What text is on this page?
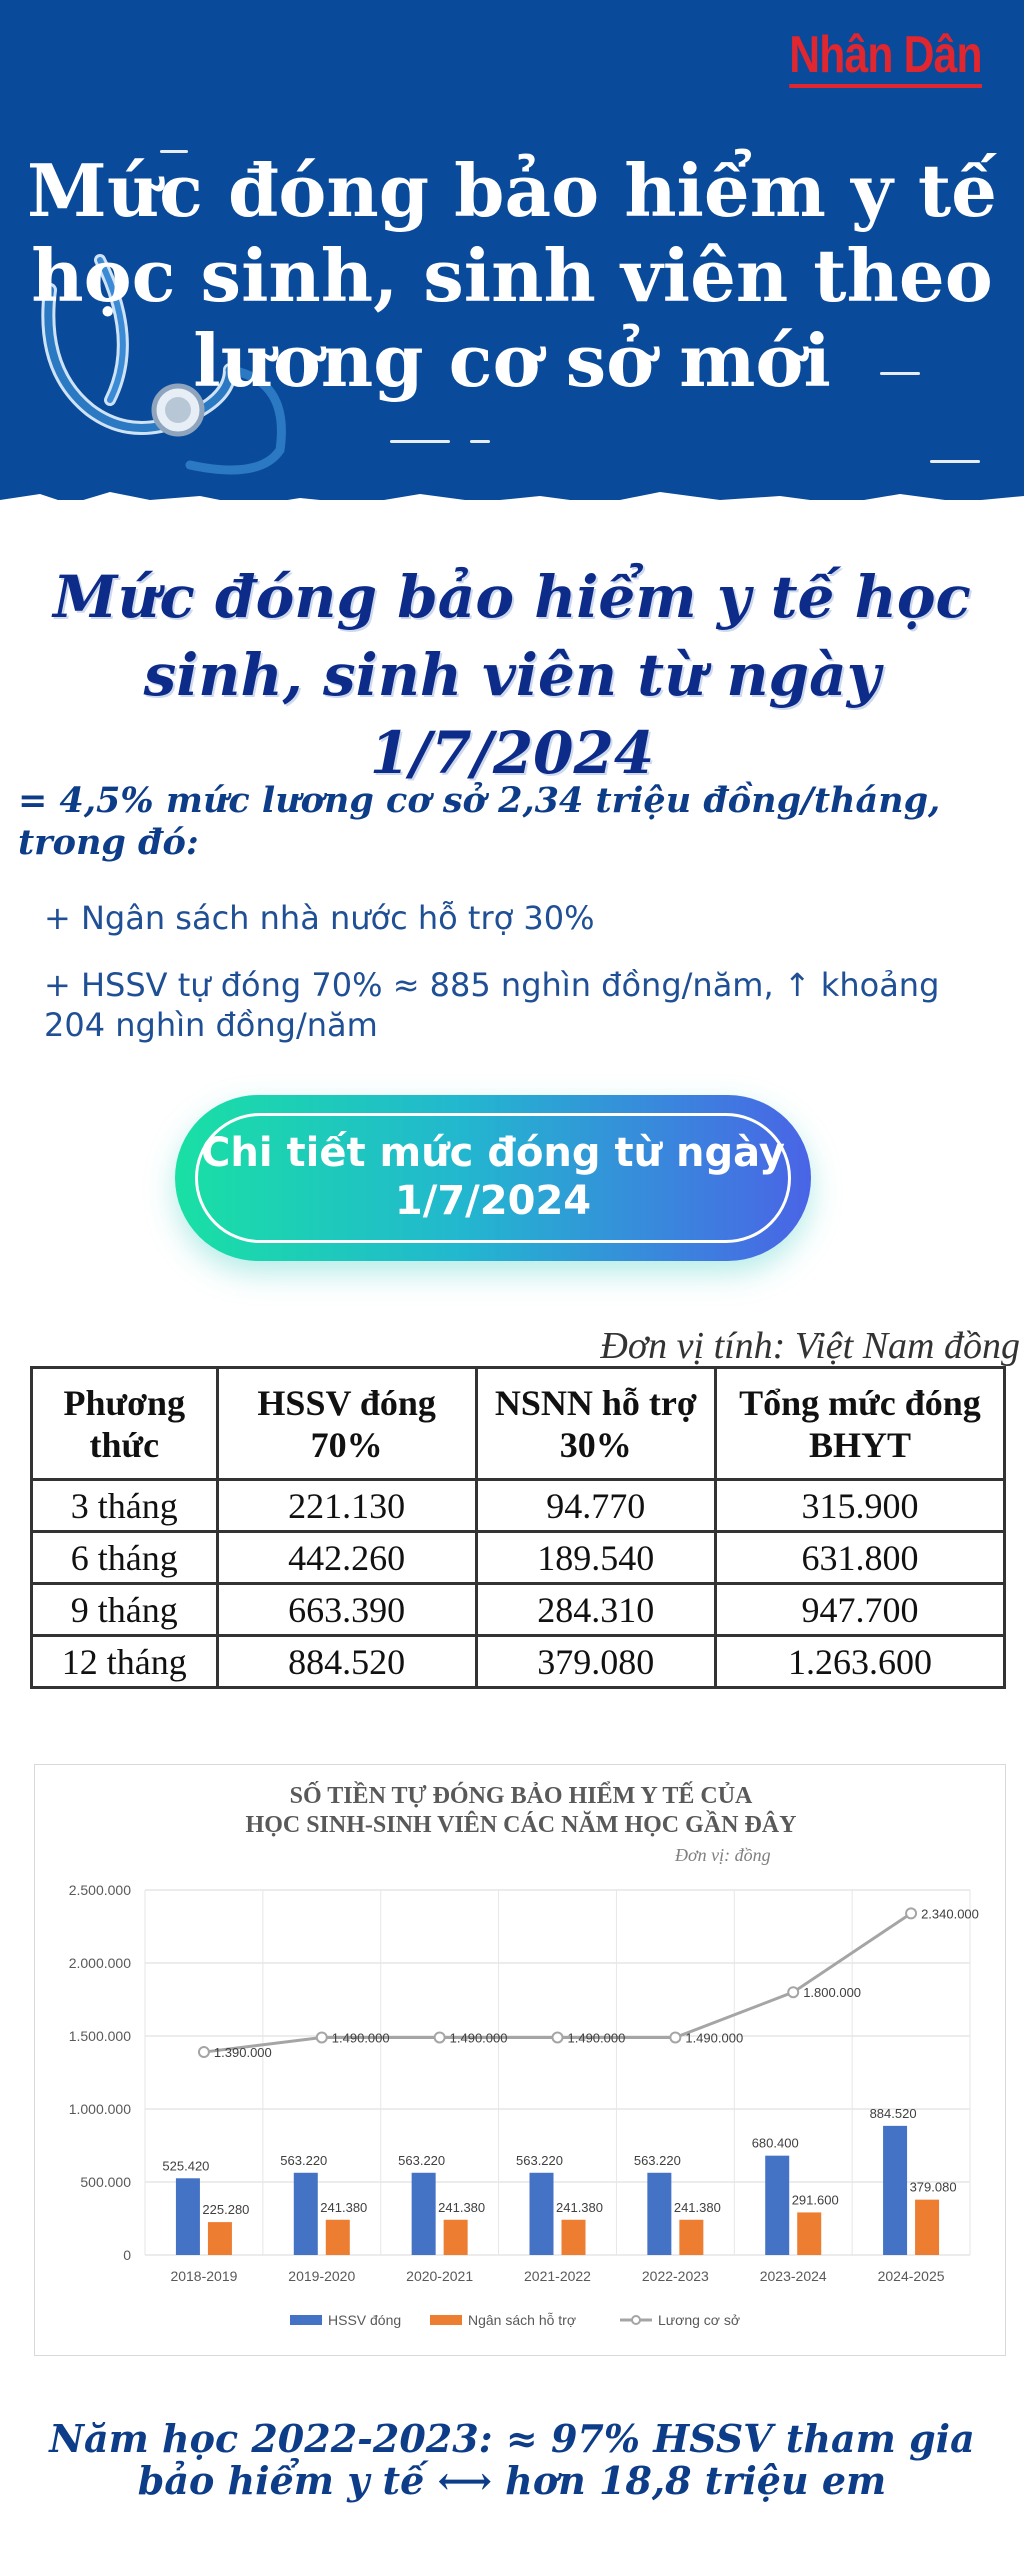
Nhân Dân
Mức đóng bảo hiểm y tế học sinh, sinh viên theo lương cơ sở mới
Mức đóng bảo hiểm y tế học sinh, sinh viên từ ngày 1/7/2024
= 4,5% mức lương cơ sở 2,34 triệu đồng/tháng, trong đó:
+ Ngân sách nhà nước hỗ trợ 30%
+ HSSV tự đóng 70% ≈ 885 nghìn đồng/năm, ↑ khoảng 204 nghìn đồng/năm
Chi tiết mức đóng từ ngày 1/7/2024
Đơn vị tính: Việt Nam đồng
Phương thức	HSSV đóng 70%	NSNN hỗ trợ 30%	Tổng mức đóng BHYT
3 tháng	221.130	94.770	315.900
6 tháng	442.260	189.540	631.800
9 tháng	663.390	284.310	947.700
12 tháng	884.520	379.080	1.263.600
SỐ TIỀN TỰ ĐÓNG BẢO HIỂM Y TẾ CỦA
HỌC SINH-SINH VIÊN CÁC NĂM HỌC GẦN ĐÂY
Đơn vị: đồng
525.420
225.280
563.220
241.380
563.220
241.380
563.220
241.380
563.220
241.380
680.400
291.600
884.520
379.080
1.390.000
1.490.000	1.490.000	1.490.000	1.490.000
1.800.000
2.340.000
0
500.000
1.000.000
1.500.000
2.000.000
2.500.000
2018-2019	2019-2020	2020-2021	2021-2022	2022-2023	2023-2024	2024-2025
HSSV đóng	Ngân sách hỗ trợ	Lương cơ sở
Năm học 2022-2023: ≈ 97% HSSV tham gia bảo hiểm y tế ⟷ hơn 18,8 triệu em
